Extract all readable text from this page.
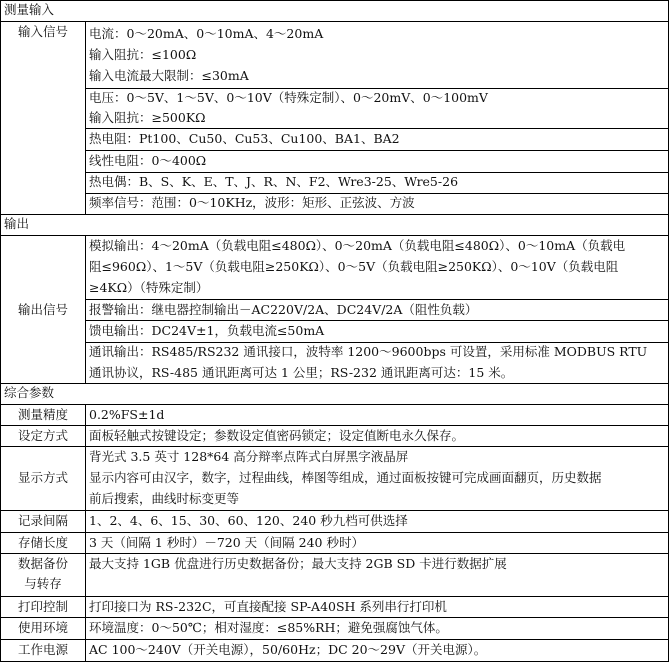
测量输入
输出
综合参数
输入信号
输出信号
测量精度
设定方式
显示方式
记录间隔
存储长度
数据备份
与转存
打印控制
使用环境
工作电源
电流：0～20mA、0～10mA、4～20mA
输入阻抗：≤100Ω
输入电流最大限制：≤30mA
电压：0～5V、1～5V、0～10V（特殊定制）、0～20mV、0～100mV
输入阻抗：≥500KΩ
热电阻：Pt100、Cu50、Cu53、Cu100、BA1、BA2
线性电阻：0～400Ω
热电偶：B、S、K、E、T、J、R、N、F2、Wre3-25、Wre5-26
频率信号：范围：0～10KHz，波形：矩形、正弦波、方波
模拟输出：4～20mA（负载电阻≤480Ω）、0～20mA（负载电阻≤480Ω）、0～10mA（负载电
阻≤960Ω）、1～5V（负载电阻≥250KΩ）、0～5V（负载电阻≥250KΩ）、0～10V（负载电阻
≥4KΩ）（特殊定制）
报警输出：继电器控制输出－AC220V/2A、DC24V/2A（阻性负载）
馈电输出：DC24V±1，负载电流≤50mA
通讯输出：RS485/RS232 通讯接口，波特率 1200～9600bps 可设置，采用标准 MODBUS RTU
通讯协议，RS-485 通讯距离可达 1 公里；RS-232 通讯距离可达：15 米。
0.2%FS±1d
面板轻触式按键设定；参数设定值密码锁定；设定值断电永久保存。
背光式 3.5 英寸 128*64 高分辩率点阵式白屏黑字液晶屏
显示内容可由汉字，数字，过程曲线，棒图等组成，通过面板按键可完成画面翻页，历史数据
前后搜索，曲线时标变更等
1、2、4、6、15、30、60、120、240 秒九档可供选择
3 天（间隔 1 秒时）－720 天（间隔 240 秒时）
最大支持 1GB 优盘进行历史数据备份；最大支持 2GB SD 卡进行数据扩展
打印接口为 RS-232C，可直接配接 SP-A40SH 系列串行打印机
环境温度：0～50℃；相对湿度：≤85%RH；避免强腐蚀气体。
AC 100～240V（开关电源），50/60Hz；DC 20～29V（开关电源）。
